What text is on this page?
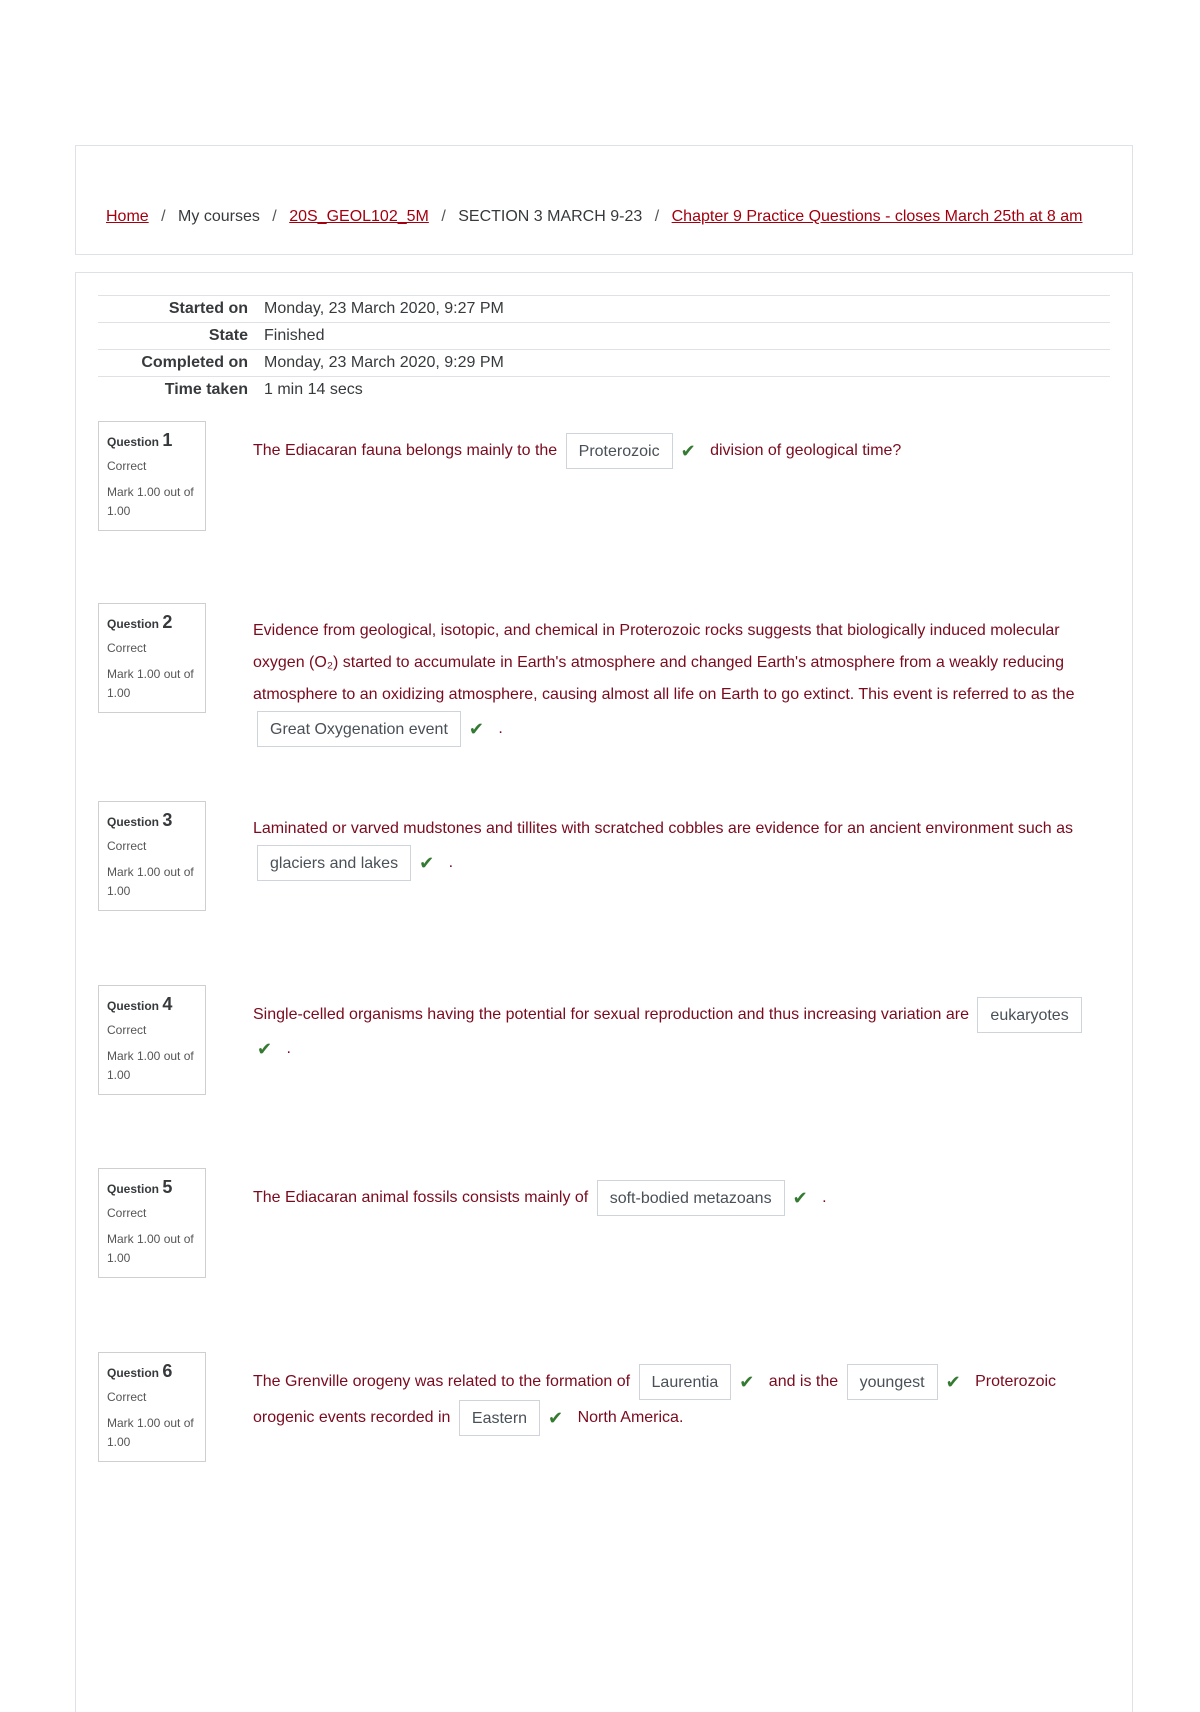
Home / My courses / 20S_GEOL102_5M / SECTION 3 MARCH 9-23 / Chapter 9 Practice Questions - closes March 25th at 8 am
Started on	Monday, 23 March 2020, 9:27 PM
State	Finished
Completed on	Monday, 23 March 2020, 9:29 PM
Time taken	1 min 14 secs
Question 1
Correct
Mark 1.00 out of 1.00
The Ediacaran fauna belongs mainly to the Proterozoic ✔ division of geological time?
Question 2
Correct
Mark 1.00 out of 1.00
Evidence from geological, isotopic, and chemical in Proterozoic rocks suggests that biologically induced molecular oxygen (O₂) started to accumulate in Earth's atmosphere and changed Earth's atmosphere from a weakly reducing atmosphere to an oxidizing atmosphere, causing almost all life on Earth to go extinct. This event is referred to as the Great Oxygenation event ✔ .
Question 3
Correct
Mark 1.00 out of 1.00
Laminated or varved mudstones and tillites with scratched cobbles are evidence for an ancient environment such as glaciers and lakes ✔ .
Question 4
Correct
Mark 1.00 out of 1.00
Single-celled organisms having the potential for sexual reproduction and thus increasing variation are eukaryotes✔ .
Question 5
Correct
Mark 1.00 out of 1.00
The Ediacaran animal fossils consists mainly of soft-bodied metazoans ✔ .
Question 6
Correct
Mark 1.00 out of 1.00
The Grenville orogeny was related to the formation of Laurentia ✔ and is the youngest ✔ Proterozoic orogenic events recorded in Eastern ✔ North America.
